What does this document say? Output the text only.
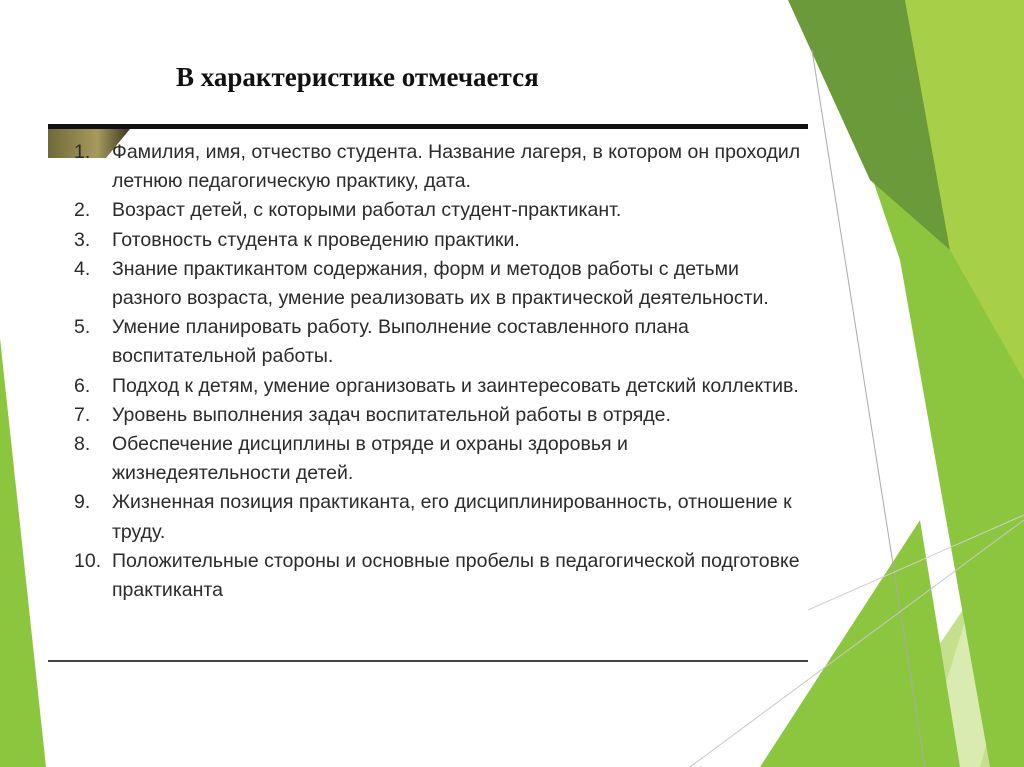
В характеристике отмечается
1.	Фамилия, имя, отчество студента. Название лагеря, в котором он проходил летнюю педагогическую практику, дата.
2.	Возраст детей, с которыми работал студент-практикант.
3.	Готовность студента к проведению практики.
4.	Знание практикантом содержания, форм и методов работы с детьми разного возраста, умение реализовать их в практической деятельности.
5.	Умение планировать работу. Выполнение составленного плана воспитательной работы.
6.	Подход к детям, умение организовать и заинтересовать детский коллектив.
7.	Уровень выполнения задач воспитательной работы в отряде.
8.	Обеспечение дисциплины в отряде и охраны здоровья и жизнедеятельности детей.
9.	Жизненная позиция практиканта, его дисциплинированность, отношение к труду.
10. Положительные стороны и основные пробелы в педагогической подготовке практиканта
